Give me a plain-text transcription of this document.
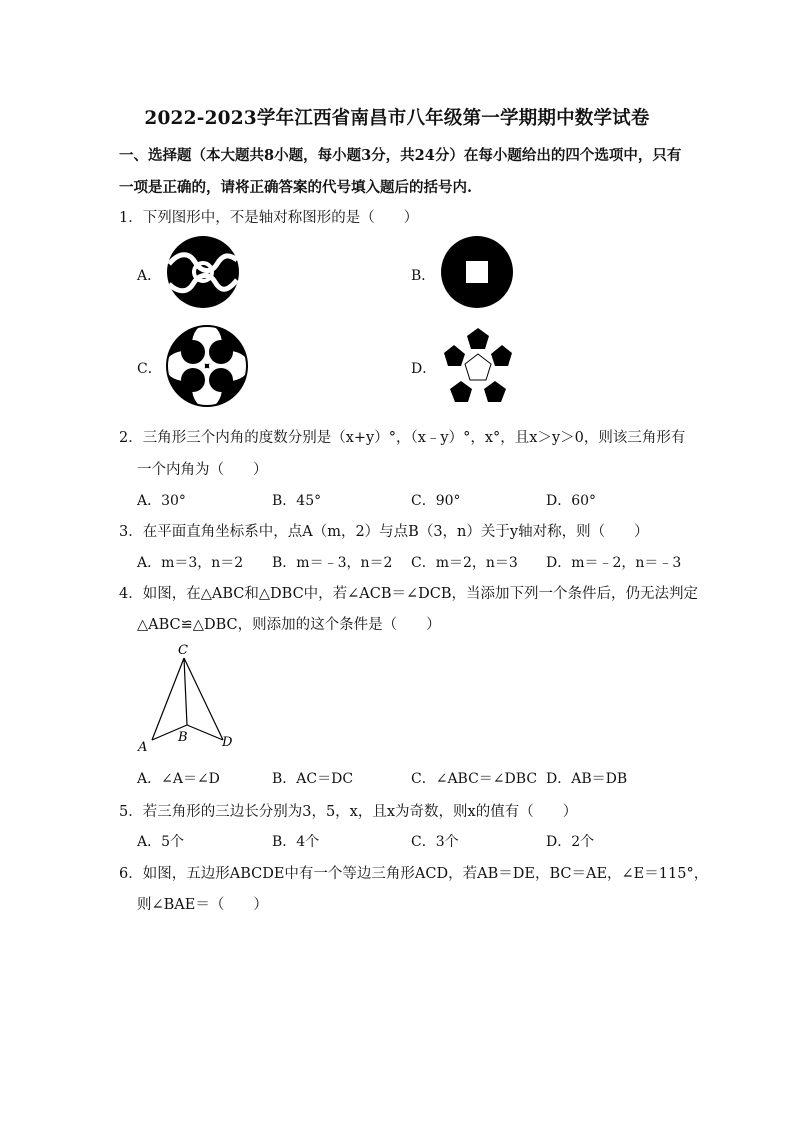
2022-2023学年江西省南昌市八年级第一学期期中数学试卷
一、选择题（本大题共8小题，每小题3分，共24分）在每小题给出的四个选项中，只有
一项是正确的，请将正确答案的代号填入题后的括号内.
1．下列图形中，不是轴对称图形的是（　　）
A．	B．
C．	D．
2．三角形三个内角的度数分别是（x+y）°，（x﹣y）°，x°，且x＞y＞0，则该三角形有
一个内角为（　　）
A．30°	B．45°	C．90°	D．60°
3．在平面直角坐标系中，点A（m，2）与点B（3，n）关于y轴对称，则（　　）
A．m＝3，n＝2 B．m＝﹣3，n＝2 C．m＝2，n＝3 D．m＝﹣2，n＝﹣3
4．如图，在△ABC和△DBC中，若∠ACB＝∠DCB，当添加下列一个条件后，仍无法判定
△ABC≌△DBC，则添加的这个条件是（　　）
C
A
B	D
A．∠A＝∠D	B．AC＝DC	C．∠ABC＝∠DBC D．AB＝DB
5．若三角形的三边长分别为3，5，x，且x为奇数，则x的值有（　　）
A．5个	B．4个	C．3个	D．2个
6．如图，五边形ABCDE中有一个等边三角形ACD，若AB＝DE，BC＝AE，∠E＝115°，
则∠BAE＝（　　）
